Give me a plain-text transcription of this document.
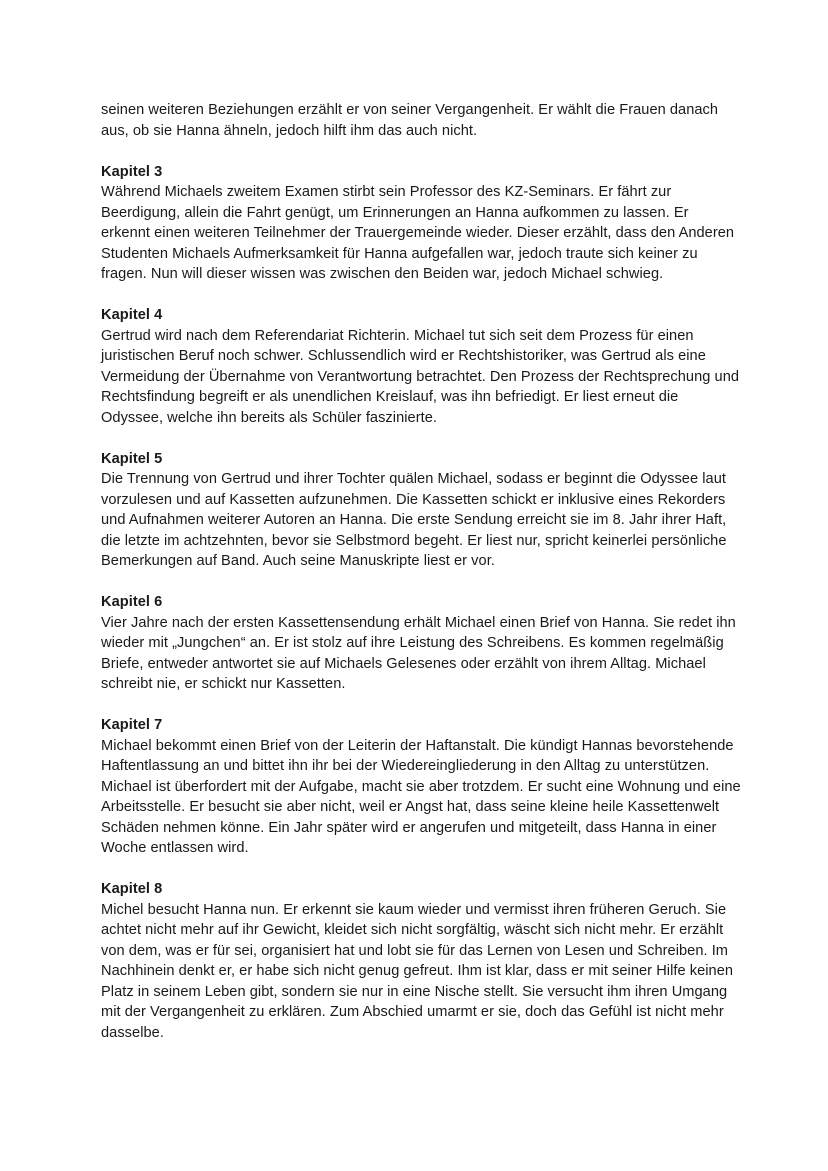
seinen weiteren Beziehungen erzählt er von seiner Vergangenheit. Er wählt die Frauen danach aus, ob sie Hanna ähneln, jedoch hilft ihm das auch nicht.

Kapitel 3

Während Michaels zweitem Examen stirbt sein Professor des KZ-Seminars. Er fährt zur Beerdigung, allein die Fahrt genügt, um Erinnerungen an Hanna aufkommen zu lassen. Er erkennt einen weiteren Teilnehmer der Trauergemeinde wieder. Dieser erzählt, dass den Anderen Studenten Michaels Aufmerksamkeit für Hanna aufgefallen war, jedoch traute sich keiner zu fragen. Nun will dieser wissen was zwischen den Beiden war, jedoch Michael schwieg.

Kapitel 4

Gertrud wird nach dem Referendariat Richterin. Michael tut sich seit dem Prozess für einen juristischen Beruf noch schwer. Schlussendlich wird er Rechtshistoriker, was Gertrud als eine Vermeidung der Übernahme von Verantwortung betrachtet. Den Prozess der Rechtsprechung und Rechtsfindung begreift er als unendlichen Kreislauf, was ihn befriedigt. Er liest erneut die Odyssee, welche ihn bereits als Schüler faszinierte.

Kapitel 5

Die Trennung von Gertrud und ihrer Tochter quälen Michael, sodass er beginnt die Odyssee laut vorzulesen und auf Kassetten aufzunehmen. Die Kassetten schickt er inklusive eines Rekorders und Aufnahmen weiterer Autoren an Hanna. Die erste Sendung erreicht sie im 8. Jahr ihrer Haft, die letzte im achtzehnten, bevor sie Selbstmord begeht. Er liest nur, spricht keinerlei persönliche Bemerkungen auf Band. Auch seine Manuskripte liest er vor.

Kapitel 6

Vier Jahre nach der ersten Kassettensendung erhält Michael einen Brief von Hanna. Sie redet ihn wieder mit „Jungchen“ an. Er ist stolz auf ihre Leistung des Schreibens. Es kommen regelmäßig Briefe, entweder antwortet sie auf Michaels Gelesenes oder erzählt von ihrem Alltag. Michael schreibt nie, er schickt nur Kassetten.

Kapitel 7

Michael bekommt einen Brief von der Leiterin der Haftanstalt. Die kündigt Hannas bevorstehende Haftentlassung an und bittet ihn ihr bei der Wiedereingliederung in den Alltag zu unterstützen. Michael ist überfordert mit der Aufgabe, macht sie aber trotzdem. Er sucht eine Wohnung und eine Arbeitsstelle. Er besucht sie aber nicht, weil er Angst hat, dass seine kleine heile Kassettenwelt Schäden nehmen könne. Ein Jahr später wird er angerufen und mitgeteilt, dass Hanna in einer Woche entlassen wird.

Kapitel 8

Michel besucht Hanna nun. Er erkennt sie kaum wieder und vermisst ihren früheren Geruch. Sie achtet nicht mehr auf ihr Gewicht, kleidet sich nicht sorgfältig, wäscht sich nicht mehr. Er erzählt von dem, was er für sei, organisiert hat und lobt sie für das Lernen von Lesen und Schreiben. Im Nachhinein denkt er, er habe sich nicht genug gefreut. Ihm ist klar, dass er mit seiner Hilfe keinen Platz in seinem Leben gibt, sondern sie nur in eine Nische stellt. Sie versucht ihm ihren Umgang mit der Vergangenheit zu erklären. Zum Abschied umarmt er sie, doch das Gefühl ist nicht mehr dasselbe.
